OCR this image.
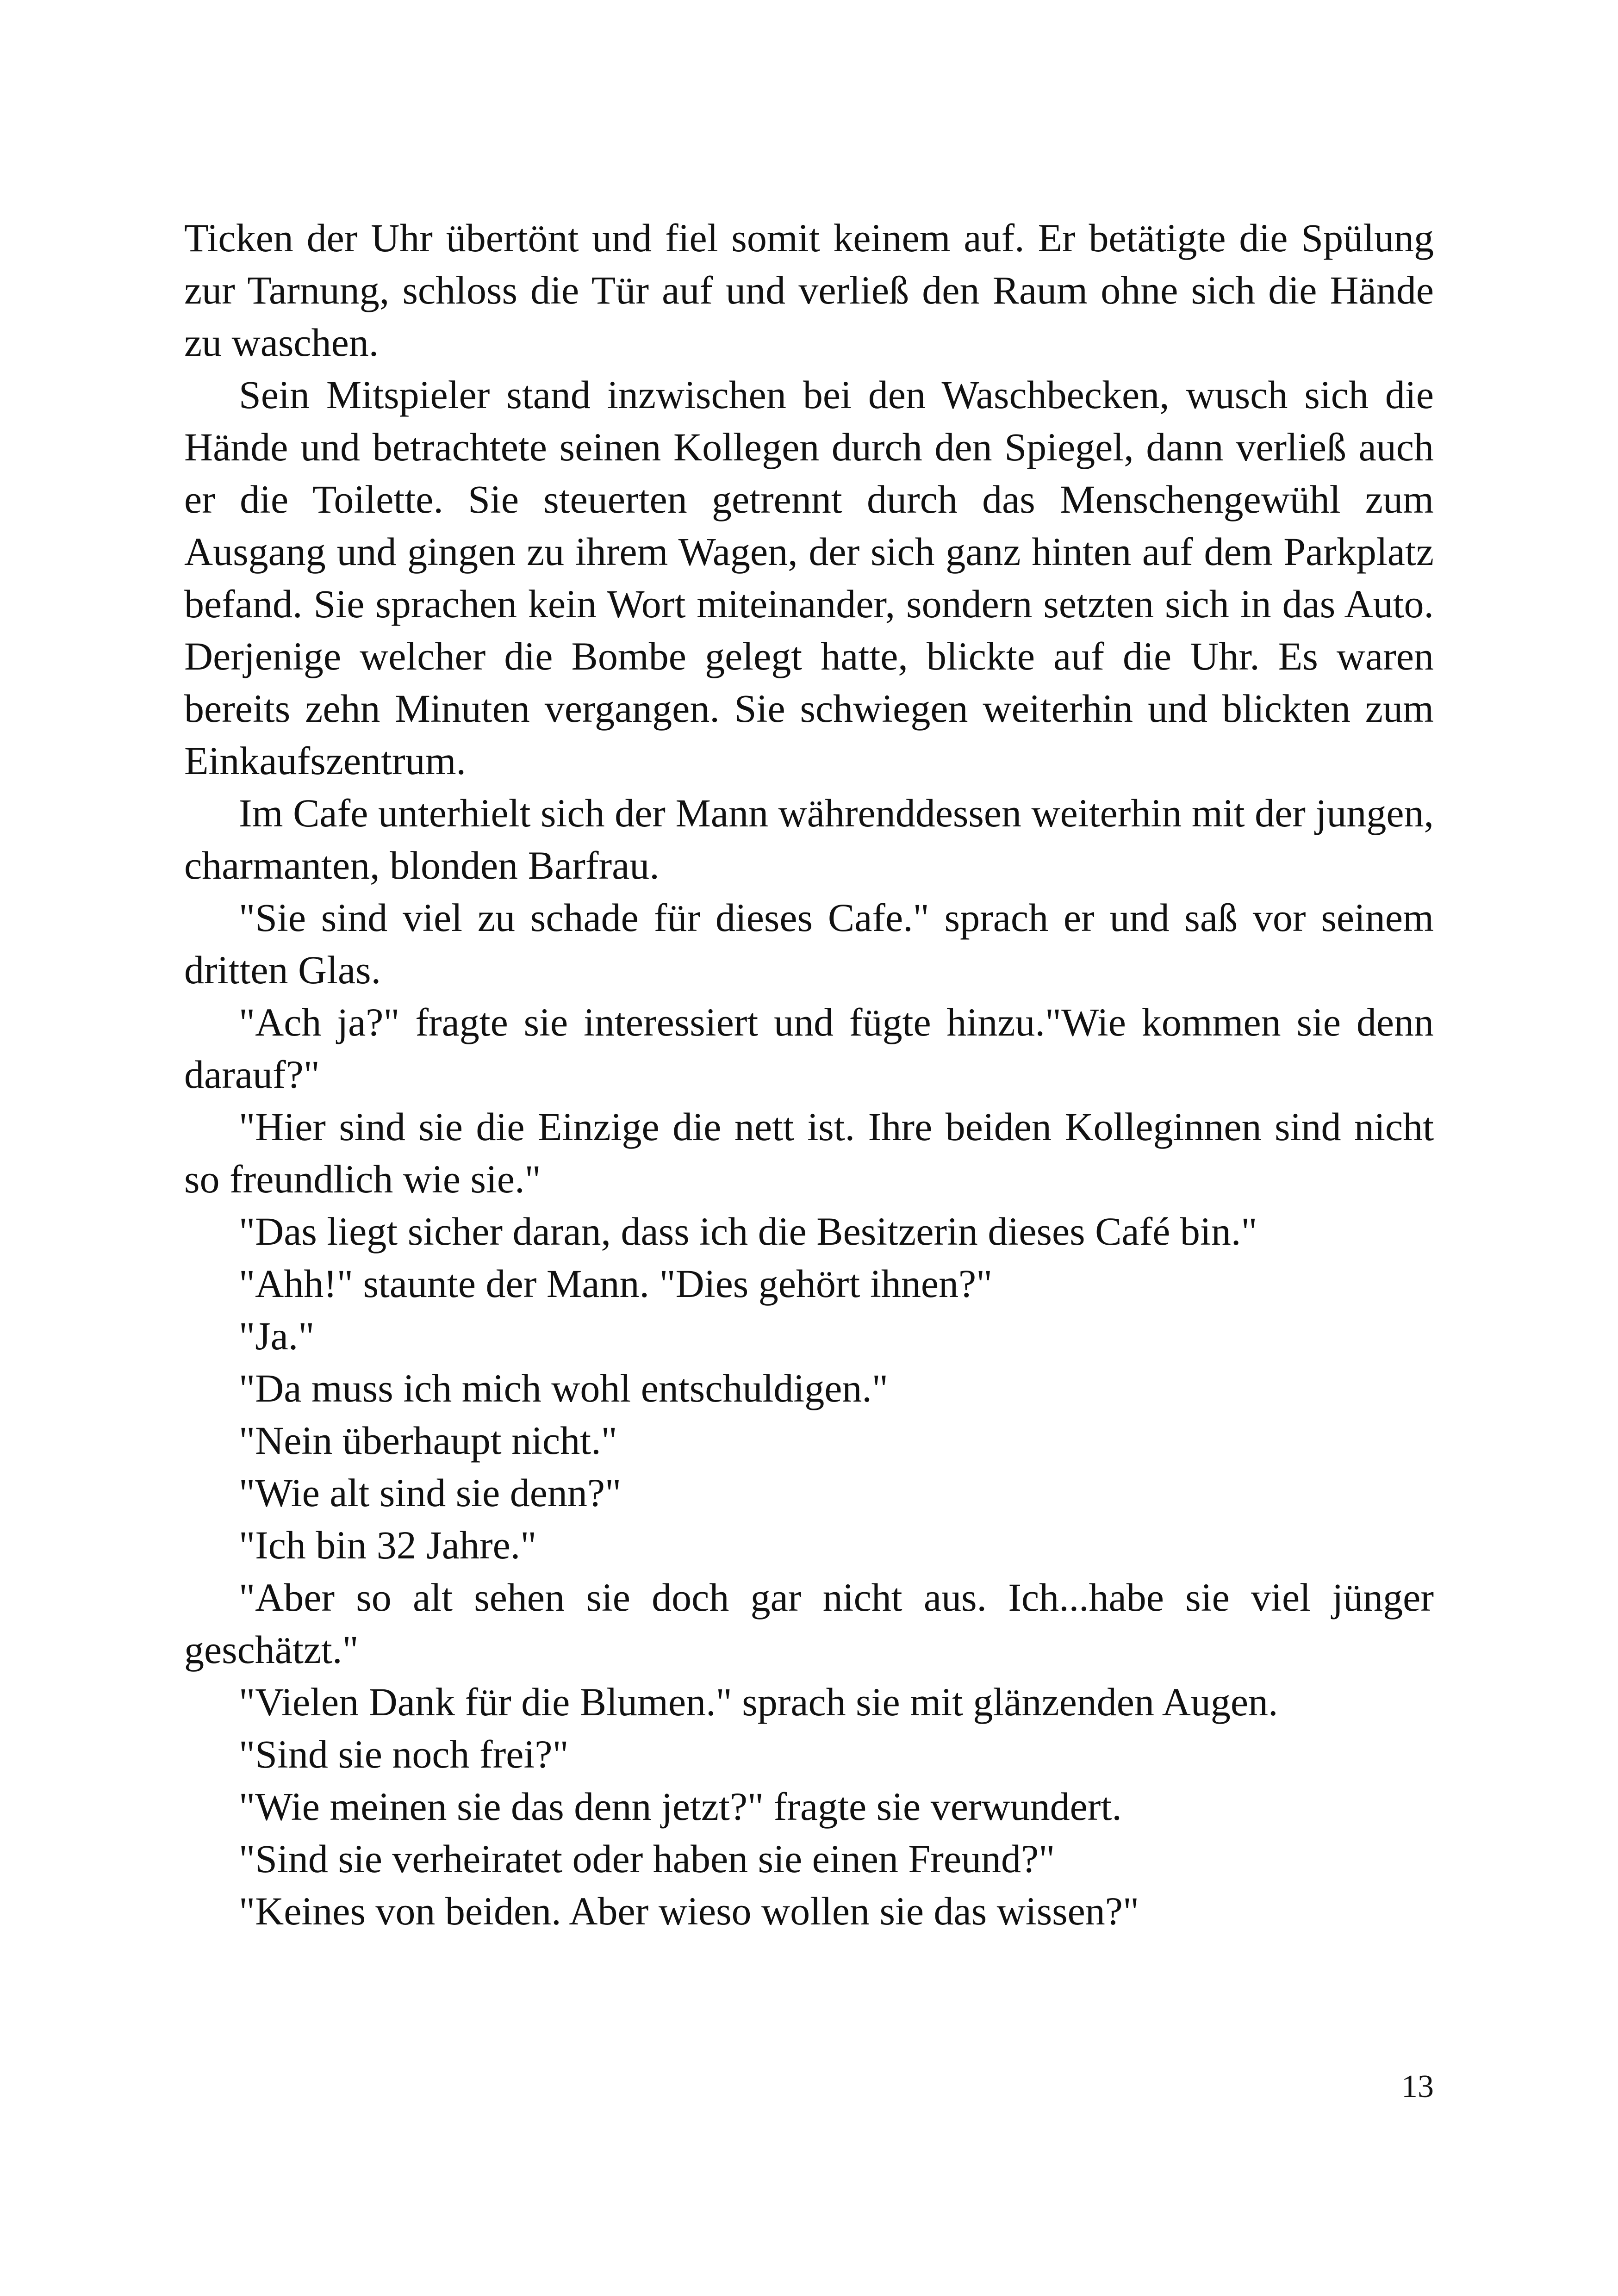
Ticken der Uhr übertönt und fiel somit keinem auf. Er betätigte die Spülung zur Tarnung, schloss die Tür auf und verließ den Raum ohne sich die Hände zu waschen.

Sein Mitspieler stand inzwischen bei den Waschbecken, wusch sich die Hände und betrachtete seinen Kollegen durch den Spiegel, dann verließ auch er die Toilette. Sie steuerten getrennt durch das Menschengewühl zum Ausgang und gingen zu ihrem Wagen, der sich ganz hinten auf dem Parkplatz befand. Sie sprachen kein Wort miteinander, sondern setzten sich in das Auto. Derjenige welcher die Bombe gelegt hatte, blickte auf die Uhr. Es waren bereits zehn Minuten vergangen. Sie schwiegen weiterhin und blickten zum Einkaufszentrum.

Im Cafe unterhielt sich der Mann währenddessen weiterhin mit der jungen, charmanten, blonden Barfrau.

"Sie sind viel zu schade für dieses Cafe." sprach er und saß vor seinem dritten Glas.

"Ach ja?" fragte sie interessiert und fügte hinzu."Wie kommen sie denn darauf?"

"Hier sind sie die Einzige die nett ist. Ihre beiden Kolleginnen sind nicht so freundlich wie sie."

"Das liegt sicher daran, dass ich die Besitzerin dieses Café bin."

"Ahh!" staunte der Mann. "Dies gehört ihnen?"

"Ja."

"Da muss ich mich wohl entschuldigen."

"Nein überhaupt nicht."

"Wie alt sind sie denn?"

"Ich bin 32 Jahre."

"Aber so alt sehen sie doch gar nicht aus. Ich...habe sie viel jünger geschätzt."

"Vielen Dank für die Blumen." sprach sie mit glänzenden Augen.

"Sind sie noch frei?"

"Wie meinen sie das denn jetzt?" fragte sie verwundert.

"Sind sie verheiratet oder haben sie einen Freund?"

"Keines von beiden. Aber wieso wollen sie das wissen?"

13
